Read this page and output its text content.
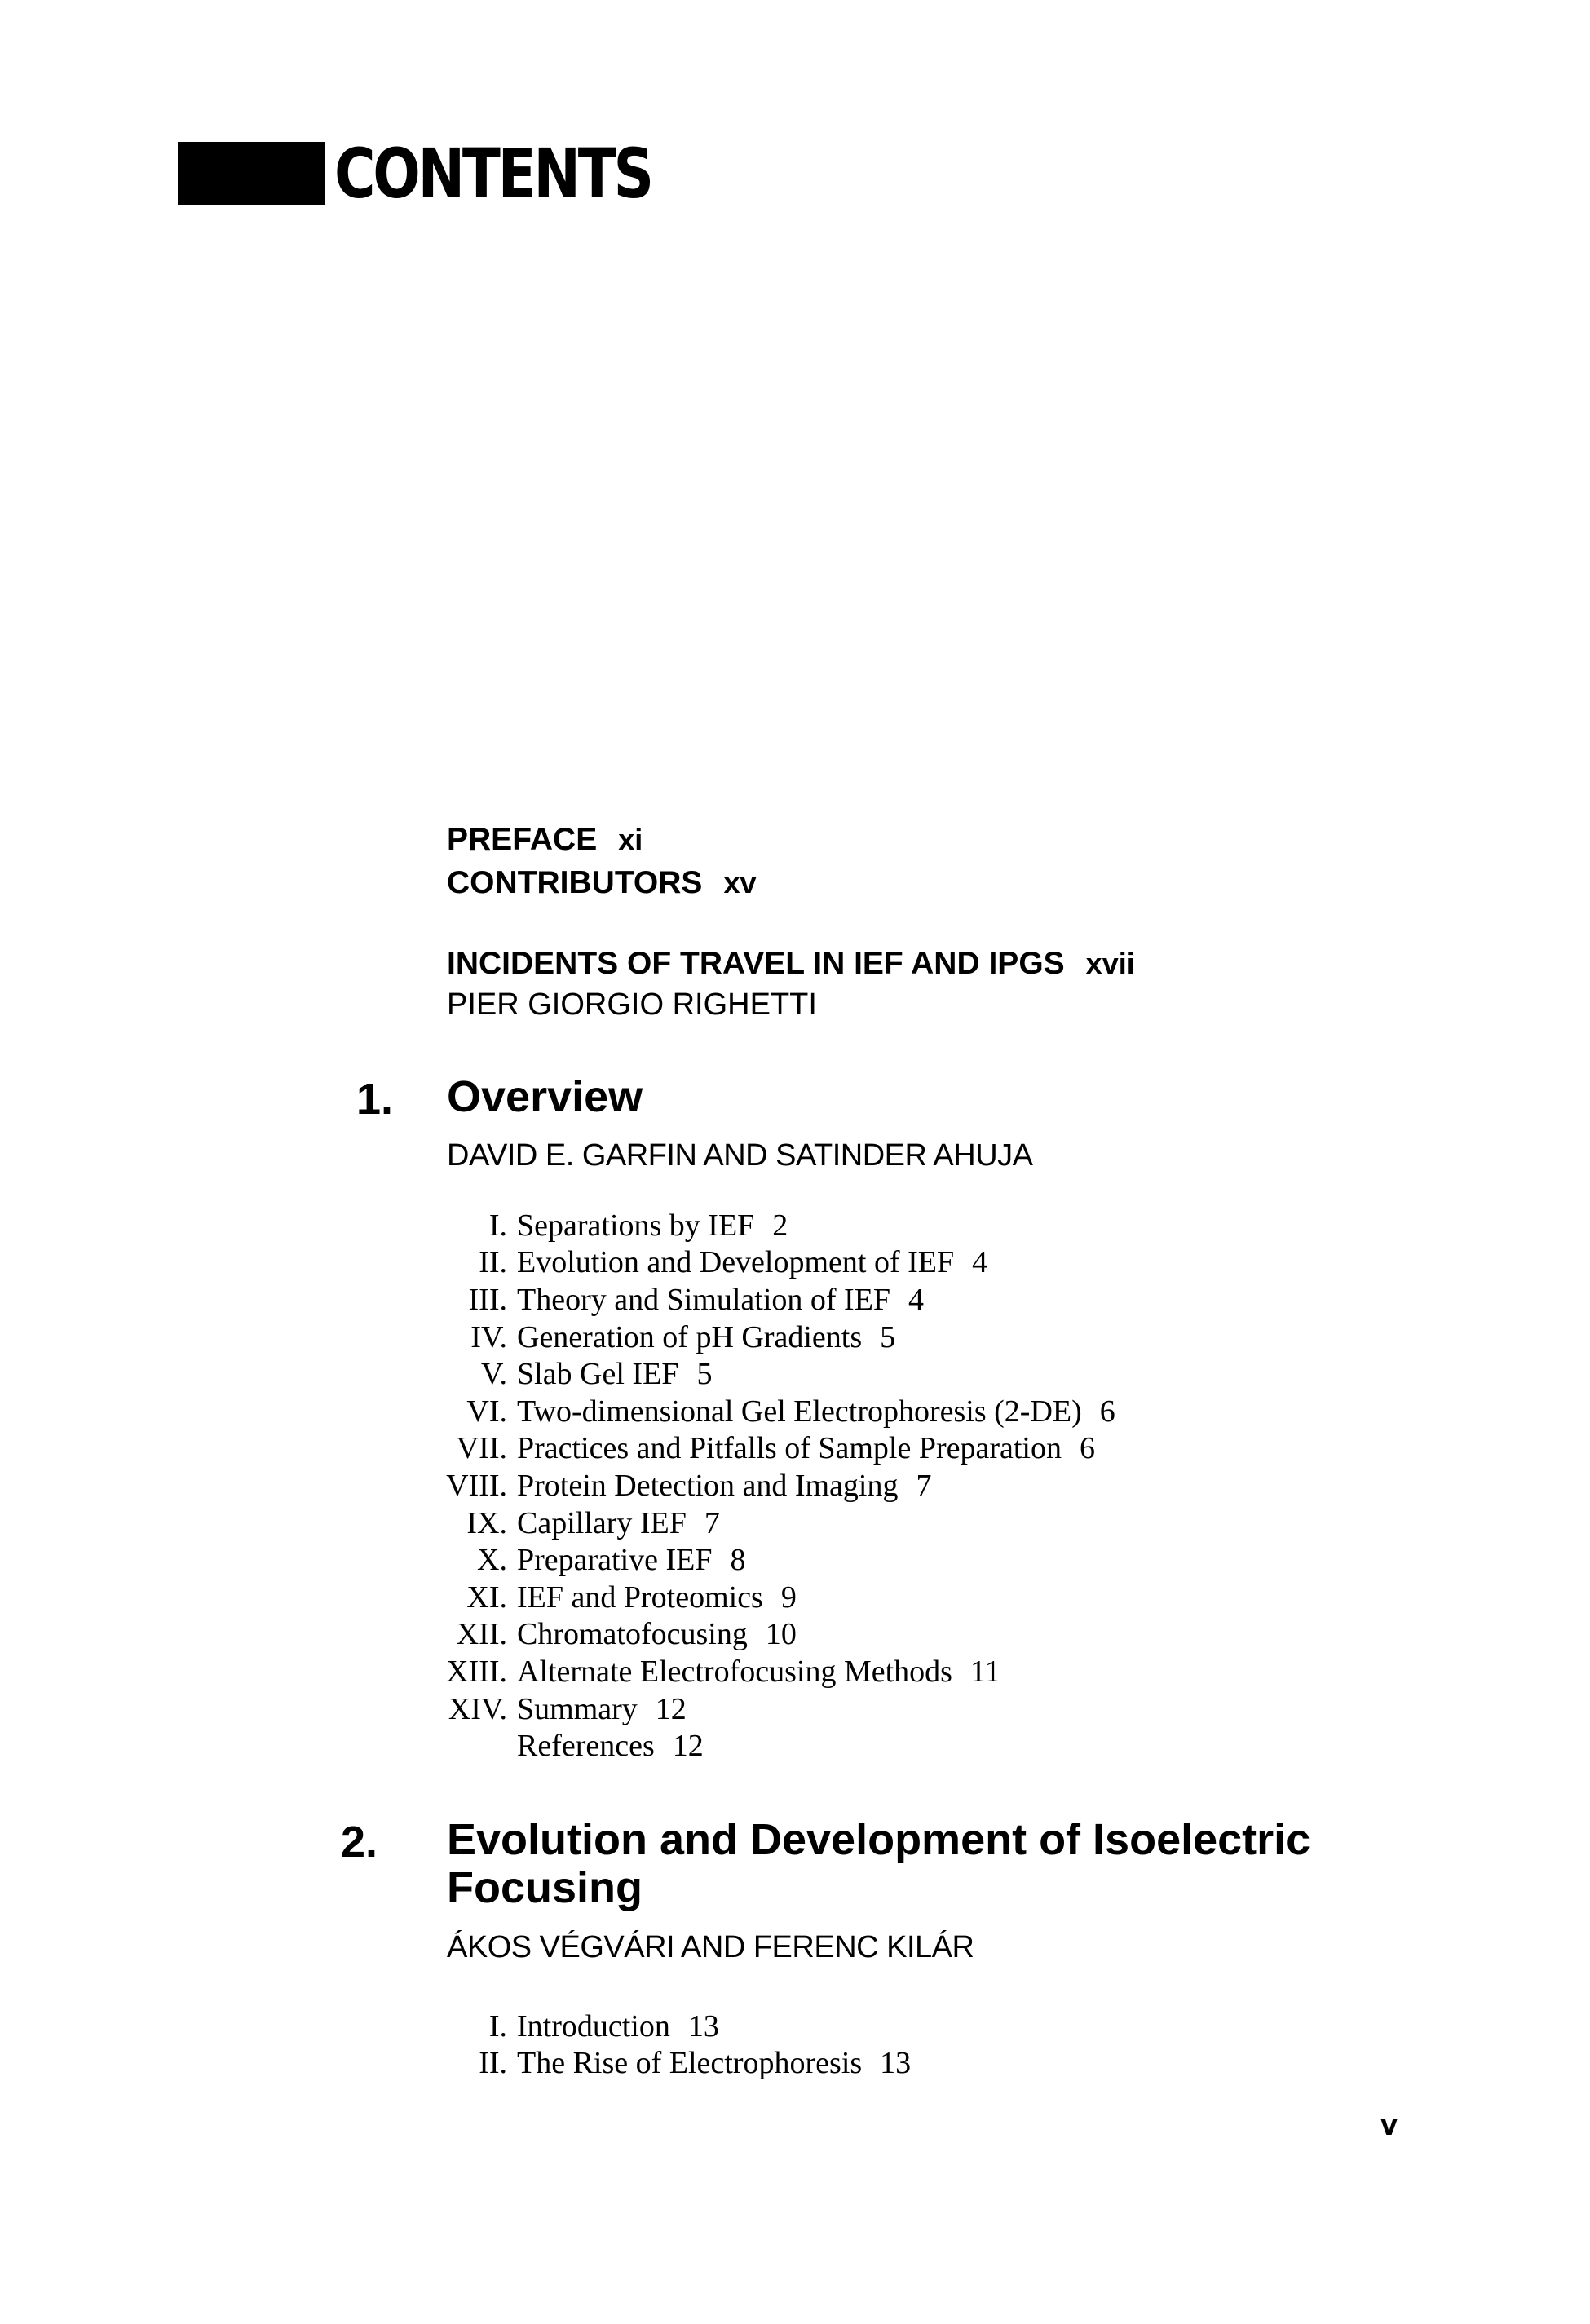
CONTENTS
PREFACE xi
CONTRIBUTORS xv
INCIDENTS OF TRAVEL IN IEF AND IPGS xvii
PIER GIORGIO RIGHETTI
1. Overview
DAVID E. GARFIN AND SATINDER AHUJA
I. Separations by IEF 2
II. Evolution and Development of IEF 4
III. Theory and Simulation of IEF 4
IV. Generation of pH Gradients 5
V. Slab Gel IEF 5
VI. Two-dimensional Gel Electrophoresis (2-DE) 6
VII. Practices and Pitfalls of Sample Preparation 6
VIII. Protein Detection and Imaging 7
IX. Capillary IEF 7
X. Preparative IEF 8
XI. IEF and Proteomics 9
XII. Chromatofocusing 10
XIII. Alternate Electrofocusing Methods 11
XIV. Summary 12
References 12
2. Evolution and Development of Isoelectric
Focusing
ÁKOS VÉGVÁRI AND FERENC KILÁR
I. Introduction 13
II. The Rise of Electrophoresis 13
v
